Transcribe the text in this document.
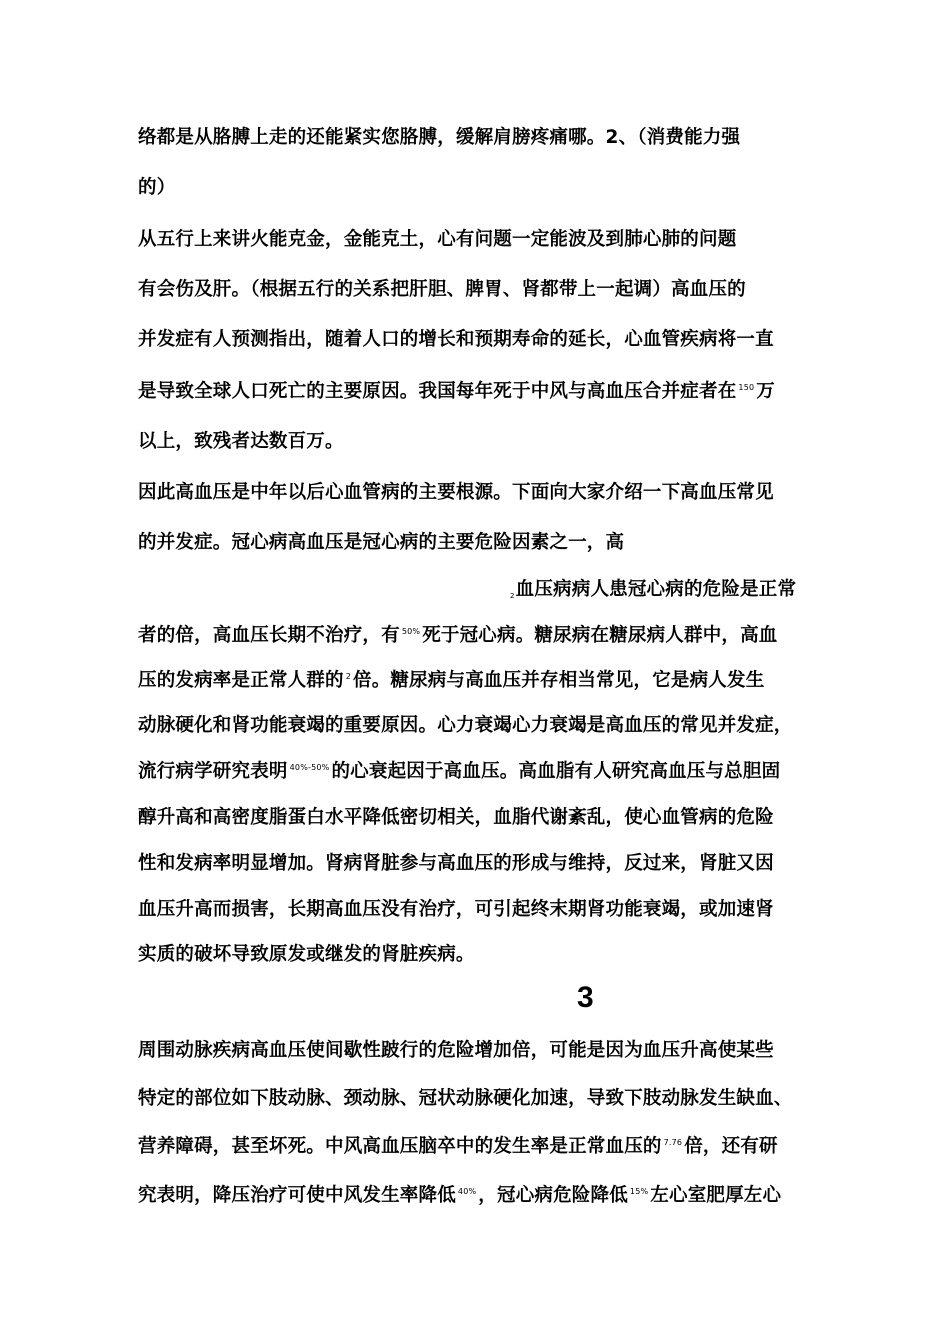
络都是从胳膊上走的还能紧实您胳膊，缓解肩膀疼痛哪。2、（消费能力强
的）
从五行上来讲火能克金，金能克土，心有问题一定能波及到肺心肺的问题
有会伤及肝。（根据五行的关系把肝胆、脾胃、肾都带上一起调）高血压的
并发症有人预测指出，随着人口的增长和预期寿命的延长，心血管疾病将一直
是导致全球人口死亡的主要原因。我国每年死于中风与高血压合并症者在 $^{150}$ 万
以上，致残者达数百万。
因此高血压是中年以后心血管病的主要根源。下面向大家介绍一下高血压常见
的并发症。冠心病高血压是冠心病的主要危险因素之一，高
2血压病病人患冠心病的危险是正常
者的倍，高血压长期不治疗，有 $^{50\%}$ 死于冠心病。糖尿病在糖尿病人群中，高血
压的发病率是正常人群的 $^2$ 倍。糖尿病与高血压并存相当常见，它是病人发生
动脉硬化和肾功能衰竭的重要原因。心力衰竭心力衰竭是高血压的常见并发症，
流行病学研究表明 $^{40\%-50\%}$ 的心衰起因于高血压。高血脂有人研究高血压与总胆固
醇升高和高密度脂蛋白水平降低密切相关，血脂代谢紊乱，使心血管病的危险
性和发病率明显增加。肾病肾脏参与高血压的形成与维持，反过来，肾脏又因
血压升高而损害，长期高血压没有治疗，可引起终末期肾功能衰竭，或加速肾
实质的破坏导致原发或继发的肾脏疾病。
3
周围动脉疾病高血压使间歇性跛行的危险增加倍，可能是因为血压升高使某些
特定的部位如下肢动脉、颈动脉、冠状动脉硬化加速，导致下肢动脉发生缺血、
营养障碍，甚至坏死。中风高血压脑卒中的发生率是正常血压的 $^{7.76}$ 倍，还有研
究表明，降压治疗可使中风发生率降低 $^{40\%}$ ，冠心病危险降低 $^{15\%}$ 左心室肥厚左心
